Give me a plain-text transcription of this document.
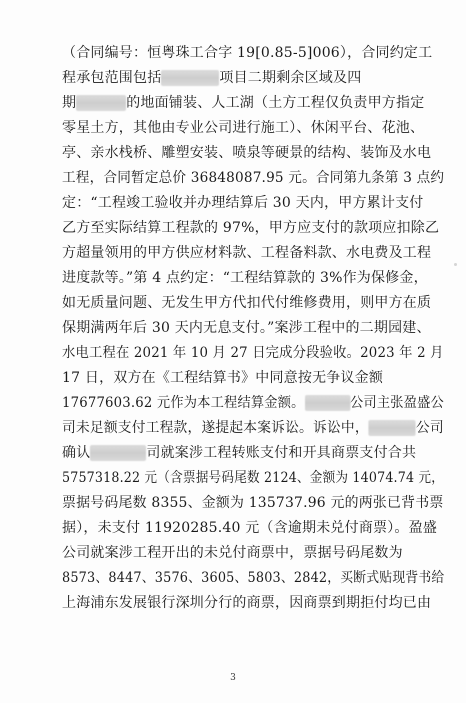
（合同编号：恒粤珠工合字 19[0.85-5]006），合同约定工
程承包范围包括	项目二期剩余区域及四
期	的地面铺装、人工湖（土方工程仅负责甲方指定
零星土方，其他由专业公司进行施工）、休闲平台、花池、
亭、亲水栈桥、雕塑安装、喷泉等硬景的结构、装饰及水电
工程，合同暂定总价 36848087.95 元。合同第九条第 3 点约
定：“工程竣工验收并办理结算后 30 天内，甲方累计支付
乙方至实际结算工程款的 97%，甲方应支付的款项应扣除乙
方超量领用的甲方供应材料款、工程备料款、水电费及工程
进度款等。”第 4 点约定：“工程结算款的 3%作为保修金，
如无质量问题、无发生甲方代扣代付维修费用，则甲方在质
保期满两年后 30 天内无息支付。”案涉工程中的二期园建、
水电工程在 2021 年 10 月 27 日完成分段验收。2023 年 2 月
17 日，双方在《工程结算书》中同意按无争议金额
17677603.62 元作为本工程结算金额。	公司主张盈盛公
司未足额支付工程款，遂提起本案诉讼。诉讼中，	公司
确认	司就案涉工程转账支付和开具商票支付合共
5757318.22 元（含票据号码尾数 2124、金额为 14074.74 元，
票据号码尾数 8355、金额为 135737.96 元的两张已背书票
据），未支付 11920285.40 元（含逾期未兑付商票）。盈盛
公司就案涉工程开出的未兑付商票中，票据号码尾数为
8573、8447、3576、3605、5803、2842，买断式贴现背书给
上海浦东发展银行深圳分行的商票，因商票到期拒付均已由
3
